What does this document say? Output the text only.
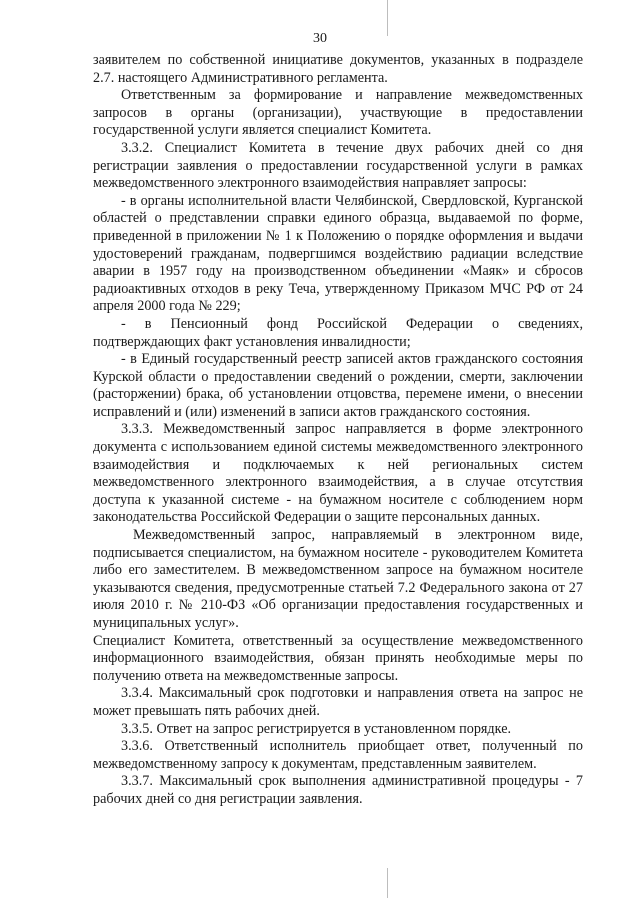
30

заявителем по собственной инициативе документов, указанных в подразделе 2.7. настоящего Административного регламента.

Ответственным за формирование и направление межведомственных запросов в органы (организации), участвующие в предоставлении государственной услуги является специалист Комитета.

3.3.2. Специалист Комитета в течение двух рабочих дней со дня регистрации заявления о предоставлении государственной услуги в рамках межведомственного электронного взаимодействия направляет запросы:

- в органы исполнительной власти Челябинской, Свердловской, Курганской областей о представлении справки единого образца, выдаваемой по форме, приведенной в приложении № 1 к Положению о порядке оформления и выдачи удостоверений гражданам, подвергшимся воздействию радиации вследствие аварии в 1957 году на производственном объединении «Маяк» и сбросов радиоактивных отходов в реку Теча, утвержденному Приказом МЧС РФ от 24 апреля 2000 года № 229;

- в Пенсионный фонд Российской Федерации о сведениях, подтверждающих факт установления инвалидности;

- в Единый государственный реестр записей актов гражданского состояния Курской области о предоставлении сведений о рождении, смерти, заключении (расторжении) брака, об установлении отцовства, перемене имени, о внесении исправлений и (или) изменений в записи актов гражданского состояния.

3.3.3. Межведомственный запрос направляется в форме электронного документа с использованием единой системы межведомственного электронного взаимодействия и подключаемых к ней региональных систем межведомственного электронного взаимодействия, а в случае отсутствия доступа к указанной системе - на бумажном носителе с соблюдением норм законодательства Российской Федерации о защите персональных данных.

Межведомственный запрос, направляемый в электронном виде, подписывается специалистом, на бумажном носителе - руководителем Комитета либо его заместителем. В межведомственном запросе на бумажном носителе указываются сведения, предусмотренные статьей 7.2 Федерального закона от 27 июля 2010 г. № 210-ФЗ «Об организации предоставления государственных и муниципальных услуг».

Специалист Комитета, ответственный за осуществление межведомственного информационного взаимодействия, обязан принять необходимые меры по получению ответа на межведомственные запросы.

3.3.4. Максимальный срок подготовки и направления ответа на запрос не может превышать пять рабочих дней.

3.3.5. Ответ на запрос регистрируется в установленном порядке.

3.3.6. Ответственный исполнитель приобщает ответ, полученный по межведомственному запросу к документам, представленным заявителем.

3.3.7. Максимальный срок выполнения административной процедуры - 7 рабочих дней со дня регистрации заявления.
